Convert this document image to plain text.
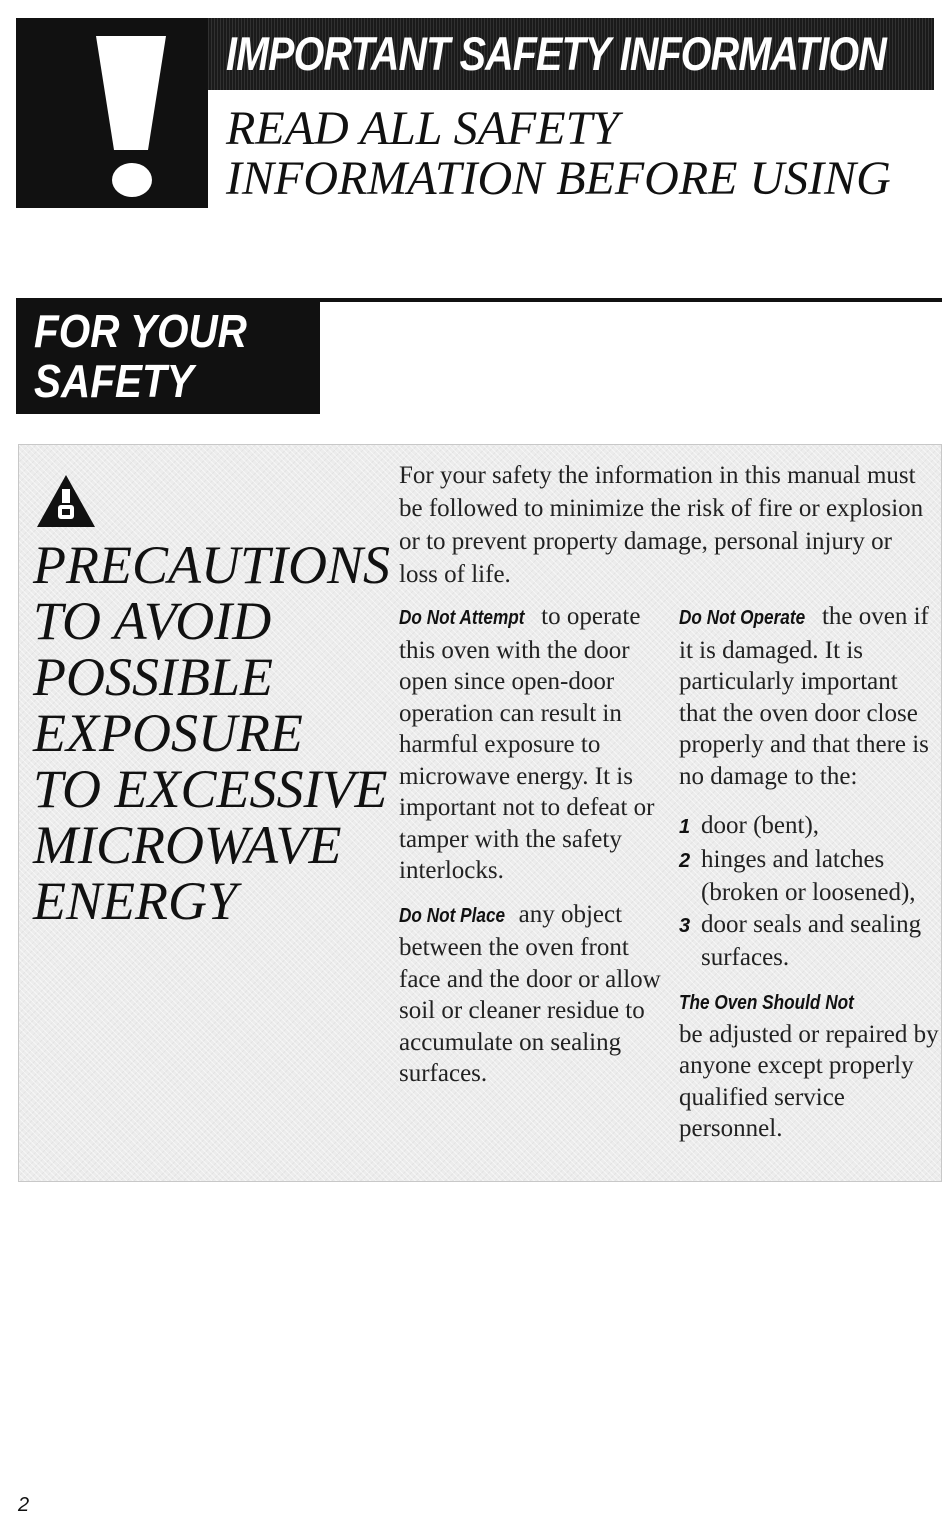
IMPORTANT SAFETY INFORMATION
READ ALL SAFETY
INFORMATION BEFORE USING
FOR YOUR
SAFETY
PRECAUTIONS
TO AVOID
POSSIBLE
EXPOSURE
TO EXCESSIVE
MICROWAVE
ENERGY
For your safety the information in this manual must be followed to minimize the risk of fire or explosion or to prevent property damage, personal injury or loss of life.

Do Not Attempt to operate this oven with the door open since open-door operation can result in harmful exposure to microwave energy. It is important not to defeat or tamper with the safety interlocks.

Do Not Place any object between the oven front face and the door or allow soil or cleaner residue to accumulate on sealing surfaces.

Do Not Operate the oven if it is damaged. It is particularly important that the oven door close properly and that there is no damage to the:

1 door (bent),
2 hinges and latches (broken or loosened),
3 door seals and sealing surfaces.

The Oven Should Not
be adjusted or repaired by anyone except properly qualified service personnel.

2
